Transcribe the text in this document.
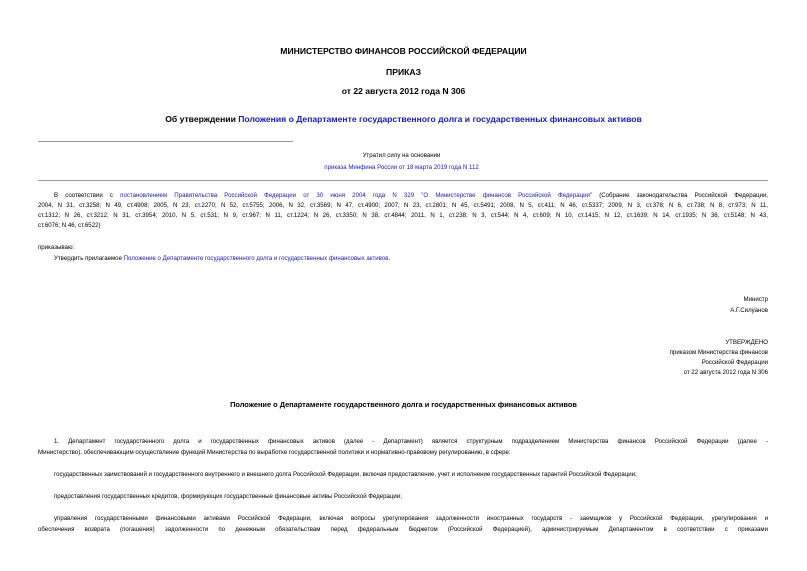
МИНИСТЕРСТВО ФИНАНСОВ РОССИЙСКОЙ ФЕДЕРАЦИИ
ПРИКАЗ
от 22 августа 2012 года N 306
Об утверждении Положения о Департаменте государственного долга и государственных финансовых активов
Утратил силу на основании
приказа Минфина России от 18 марта 2019 года N 112
В соответствии с постановлением Правительства Российской Федерации от 30 июня 2004 года N 329 "О Министерстве финансов Российской Федерации" (Собрание законодательства Российской Федерации,
2004, N 31, ст.3258; N 49, ст.4908; 2005, N 23, ст.2270; N 52, ст.5755; 2006, N 32, ст.3569; N 47, ст.4900; 2007, N 23, ст.2801; N 45, ст.5491; 2008, N 5, ст.411; N 46, ст.5337; 2009, N 3, ст.378; N 6, ст.738; N 8, ст.973; N 11,
ст.1312; N 26, ст.3212; N 31, ст.3954; 2010, N 5, ст.531; N 9, ст.967; N 11, ст.1224; N 26, ст.3350; N 38, ст.4844; 2011, N 1, ст.238; N 3, ст.544; N 4, ст.609; N 10, ст.1415; N 12, ст.1639; N 14, ст.1935; N 36, ст.5148; N 43,
ст.6076; N 46, ст.6522)
приказываю:
Утвердить прилагаемое Положение о Департаменте государственного долга и государственных финансовых активов.
Министр
А.Г.Силуанов
УТВЕРЖДЕНО
приказом Министерства финансов
Российской Федерации
от 22 августа 2012 года N 306
Положение о Департаменте государственного долга и государственных финансовых активов
1. Департамент государственного долга и государственных финансовых активов (далее - Департамент) является структурным подразделением Министерства финансов Российской Федерации (далее -
Министерство), обеспечивающим осуществление функций Министерства по выработке государственной политики и нормативно-правовому регулированию, в сфере:
государственных заимствований и государственного внутреннего и внешнего долга Российской Федерации, включая предоставление, учет и исполнение государственных гарантий Российской Федерации;
предоставления государственных кредитов, формирующих государственные финансовые активы Российской Федерации;
управления государственными финансовыми активами Российской Федерации, включая вопросы урегулирования задолженности иностранных государств - заемщиков у Российской Федерации, урегулирования и
обеспечения возврата (погашения) задолженности по денежным обязательствам перед федеральным бюджетом (Российской Федерацией), администрируемым Департаментом в соответствии с приказами
